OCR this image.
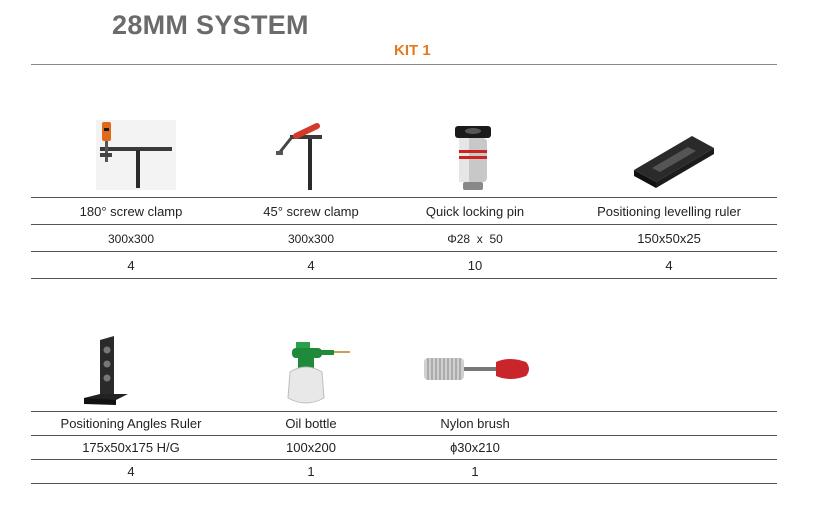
28MM SYSTEM
KIT 1
180° screw clamp	45° screw clamp	Quick locking pin	Positioning levelling ruler
300x300	300x300	Φ28  x  50	150x50x25
4	4	10	4
Positioning Angles Ruler	Oil bottle	Nylon brush
175x50x175 H/G	100x200	ɸ30x210
4	1	1
